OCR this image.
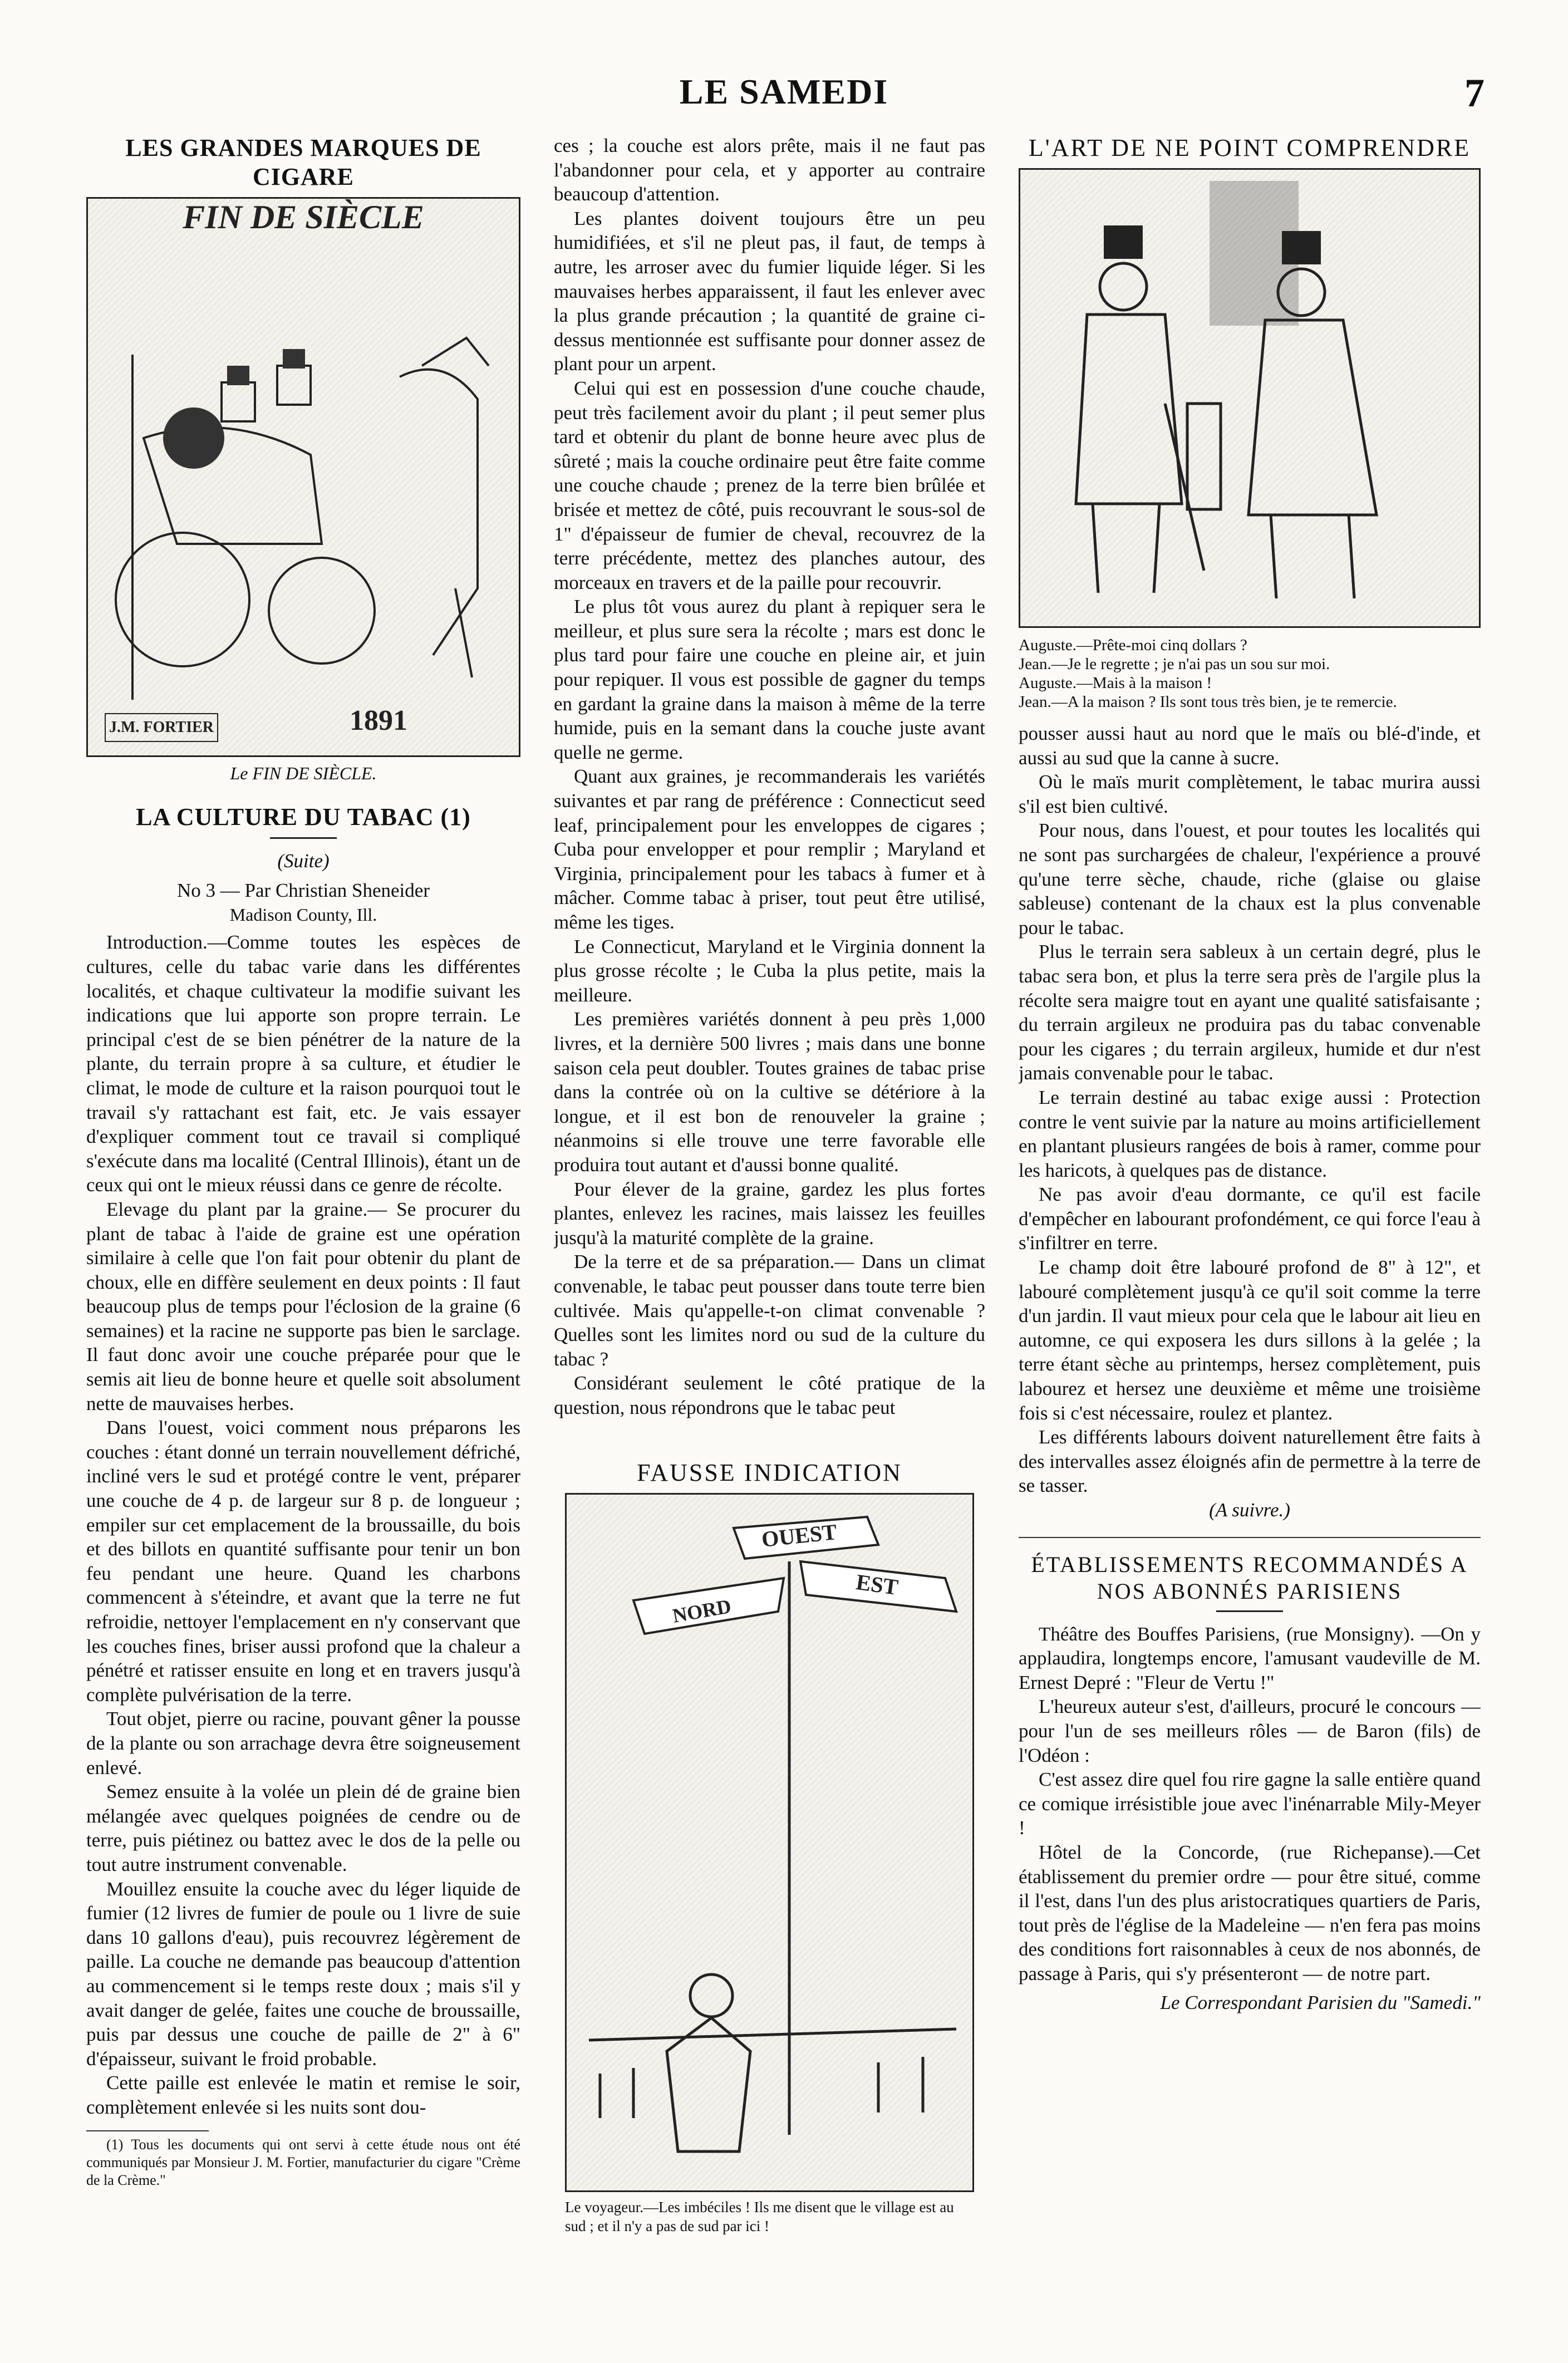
LE SAMEDI	7
LES GRANDES MARQUES DE CIGARE
FIN DE SIÈCLE
1891
J.M. FORTIER
Le FIN DE SIÈCLE.
LA CULTURE DU TABAC (1)

(Suite)

No 3 — Par Christian Sheneider

Madison County, Ill.

Introduction.—Comme toutes les espèces de cultures, celle du tabac varie dans les différentes localités, et chaque cultivateur la modifie suivant les indications que lui apporte son propre terrain. Le principal c'est de se bien pénétrer de la nature de la plante, du terrain propre à sa culture, et étudier le climat, le mode de culture et la raison pourquoi tout le travail s'y rattachant est fait, etc. Je vais essayer d'expliquer comment tout ce travail si compliqué s'exécute dans ma localité (Central Illinois), étant un de ceux qui ont le mieux réussi dans ce genre de récolte.

Elevage du plant par la graine.— Se procurer du plant de tabac à l'aide de graine est une opération similaire à celle que l'on fait pour obtenir du plant de choux, elle en diffère seulement en deux points : Il faut beaucoup plus de temps pour l'éclosion de la graine (6 semaines) et la racine ne supporte pas bien le sarclage. Il faut donc avoir une couche préparée pour que le semis ait lieu de bonne heure et quelle soit absolument nette de mauvaises herbes.

Dans l'ouest, voici comment nous préparons les couches : étant donné un terrain nouvellement défriché, incliné vers le sud et protégé contre le vent, préparer une couche de 4 p. de largeur sur 8 p. de longueur ; empiler sur cet emplacement de la broussaille, du bois et des billots en quantité suffisante pour tenir un bon feu pendant une heure. Quand les charbons commencent à s'éteindre, et avant que la terre ne fut refroidie, nettoyer l'emplacement en n'y conservant que les couches fines, briser aussi profond que la chaleur a pénétré et ratisser ensuite en long et en travers jusqu'à complète pulvérisation de la terre.

Tout objet, pierre ou racine, pouvant gêner la pousse de la plante ou son arrachage devra être soigneusement enlevé.

Semez ensuite à la volée un plein dé de graine bien mélangée avec quelques poignées de cendre ou de terre, puis piétinez ou battez avec le dos de la pelle ou tout autre instrument convenable.

Mouillez ensuite la couche avec du léger liquide de fumier (12 livres de fumier de poule ou 1 livre de suie dans 10 gallons d'eau), puis recouvrez légèrement de paille. La couche ne demande pas beaucoup d'attention au commencement si le temps reste doux ; mais s'il y avait danger de gelée, faites une couche de broussaille, puis par dessus une couche de paille de 2" à 6" d'épaisseur, suivant le froid probable.

Cette paille est enlevée le matin et remise le soir, complètement enlevée si les nuits sont dou-

(1) Tous les documents qui ont servi à cette étude nous ont été communiqués par Monsieur J. M. Fortier, manufacturier du cigare "Crème de la Crème."

ces ; la couche est alors prête, mais il ne faut pas l'abandonner pour cela, et y apporter au contraire beaucoup d'attention.

Les plantes doivent toujours être un peu humidifiées, et s'il ne pleut pas, il faut, de temps à autre, les arroser avec du fumier liquide léger. Si les mauvaises herbes apparaissent, il faut les enlever avec la plus grande précaution ; la quantité de graine ci-dessus mentionnée est suffisante pour donner assez de plant pour un arpent.

Celui qui est en possession d'une couche chaude, peut très facilement avoir du plant ; il peut semer plus tard et obtenir du plant de bonne heure avec plus de sûreté ; mais la couche ordinaire peut être faite comme une couche chaude ; prenez de la terre bien brûlée et brisée et mettez de côté, puis recouvrant le sous-sol de 1" d'épaisseur de fumier de cheval, recouvrez de la terre précédente, mettez des planches autour, des morceaux en travers et de la paille pour recouvrir.

Le plus tôt vous aurez du plant à repiquer sera le meilleur, et plus sure sera la récolte ; mars est donc le plus tard pour faire une couche en pleine air, et juin pour repiquer. Il vous est possible de gagner du temps en gardant la graine dans la maison à même de la terre humide, puis en la semant dans la couche juste avant quelle ne germe.

Quant aux graines, je recommanderais les variétés suivantes et par rang de préférence : Connecticut seed leaf, principalement pour les enveloppes de cigares ; Cuba pour envelopper et pour remplir ; Maryland et Virginia, principalement pour les tabacs à fumer et à mâcher. Comme tabac à priser, tout peut être utilisé, même les tiges.

Le Connecticut, Maryland et le Virginia donnent la plus grosse récolte ; le Cuba la plus petite, mais la meilleure.

Les premières variétés donnent à peu près 1,000 livres, et la dernière 500 livres ; mais dans une bonne saison cela peut doubler. Toutes graines de tabac prise dans la contrée où on la cultive se détériore à la longue, et il est bon de renouveler la graine ; néanmoins si elle trouve une terre favorable elle produira tout autant et d'aussi bonne qualité.

Pour élever de la graine, gardez les plus fortes plantes, enlevez les racines, mais laissez les feuilles jusqu'à la maturité complète de la graine.

De la terre et de sa préparation.— Dans un climat convenable, le tabac peut pousser dans toute terre bien cultivée. Mais qu'appelle-t-on climat convenable ? Quelles sont les limites nord ou sud de la culture du tabac ?

Considérant seulement le côté pratique de la question, nous répondrons que le tabac peut

FAUSSE INDICATION
OUEST
EST
NORD
Le voyageur.—Les imbéciles ! Ils me disent que le village est au sud ; et il n'y a pas de sud par ici !
L'ART DE NE POINT COMPRENDRE

Auguste.—Prête-moi cinq dollars ?

Jean.—Je le regrette ; je n'ai pas un sou sur moi.

Auguste.—Mais à la maison !

Jean.—A la maison ? Ils sont tous très bien, je te remercie.

pousser aussi haut au nord que le maïs ou blé-d'inde, et aussi au sud que la canne à sucre.

Où le maïs murit complètement, le tabac murira aussi s'il est bien cultivé.

Pour nous, dans l'ouest, et pour toutes les localités qui ne sont pas surchargées de chaleur, l'expérience a prouvé qu'une terre sèche, chaude, riche (glaise ou glaise sableuse) contenant de la chaux est la plus convenable pour le tabac.

Plus le terrain sera sableux à un certain degré, plus le tabac sera bon, et plus la terre sera près de l'argile plus la récolte sera maigre tout en ayant une qualité satisfaisante ; du terrain argileux ne produira pas du tabac convenable pour les cigares ; du terrain argileux, humide et dur n'est jamais convenable pour le tabac.

Le terrain destiné au tabac exige aussi : Protection contre le vent suivie par la nature au moins artificiellement en plantant plusieurs rangées de bois à ramer, comme pour les haricots, à quelques pas de distance.

Ne pas avoir d'eau dormante, ce qu'il est facile d'empêcher en labourant profondément, ce qui force l'eau à s'infiltrer en terre.

Le champ doit être labouré profond de 8" à 12", et labouré complètement jusqu'à ce qu'il soit comme la terre d'un jardin. Il vaut mieux pour cela que le labour ait lieu en automne, ce qui exposera les durs sillons à la gelée ; la terre étant sèche au printemps, hersez complètement, puis labourez et hersez une deuxième et même une troisième fois si c'est nécessaire, roulez et plantez.

Les différents labours doivent naturellement être faits à des intervalles assez éloignés afin de permettre à la terre de se tasser.

(A suivre.)

ÉTABLISSEMENTS RECOMMANDÉS A NOS ABONNÉS PARISIENS

Théâtre des Bouffes Parisiens, (rue Monsigny). —On y applaudira, longtemps encore, l'amusant vaudeville de M. Ernest Depré : "Fleur de Vertu !"

L'heureux auteur s'est, d'ailleurs, procuré le concours — pour l'un de ses meilleurs rôles — de Baron (fils) de l'Odéon :

C'est assez dire quel fou rire gagne la salle entière quand ce comique irrésistible joue avec l'inénarrable Mily-Meyer !

Hôtel de la Concorde, (rue Richepanse).—Cet établissement du premier ordre — pour être situé, comme il l'est, dans l'un des plus aristocratiques quartiers de Paris, tout près de l'église de la Madeleine — n'en fera pas moins des conditions fort raisonnables à ceux de nos abonnés, de passage à Paris, qui s'y présenteront — de notre part.

Le Correspondant Parisien du "Samedi."
